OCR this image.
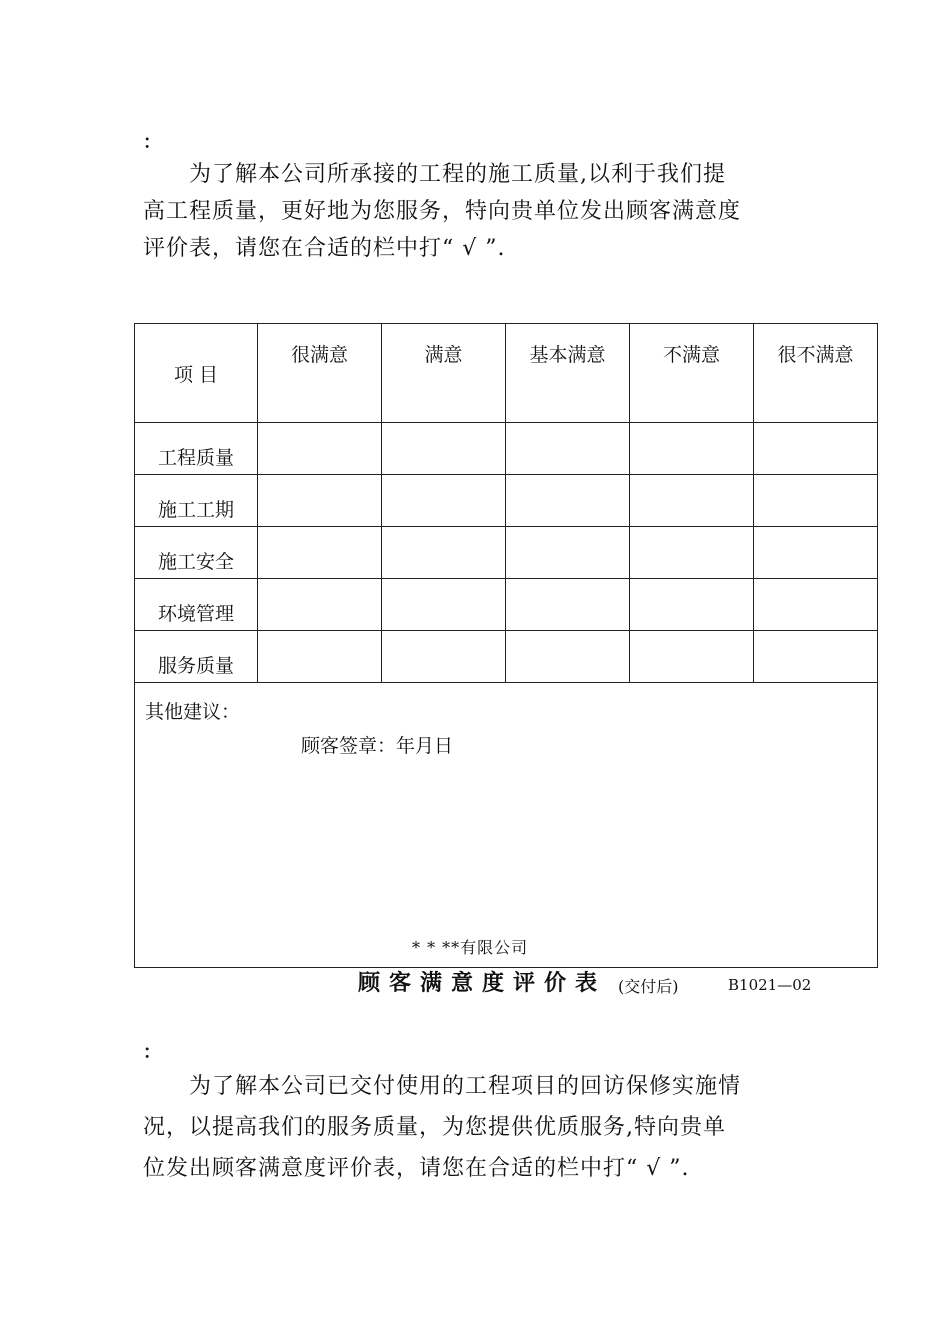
：

为了解本公司所承接的工程的施工质量,以利于我们提

高工程质量，更好地为您服务，特向贵单位发出顾客满意度

评价表，请您在合适的栏中打“ √ ”.

项 目	很满意	满意	基本满意	不满意	很不满意
工程质量					
施工工期					
施工安全					
环境管理					
服务质量					

其他建议：
顾客签章：年月日					
* * **有限公司
顾客满意度评价表 (交付后)	B1021—02
：

为了解本公司已交付使用的工程项目的回访保修实施情

况，以提高我们的服务质量，为您提供优质服务,特向贵单

位发出顾客满意度评价表，请您在合适的栏中打“ √ ”.
